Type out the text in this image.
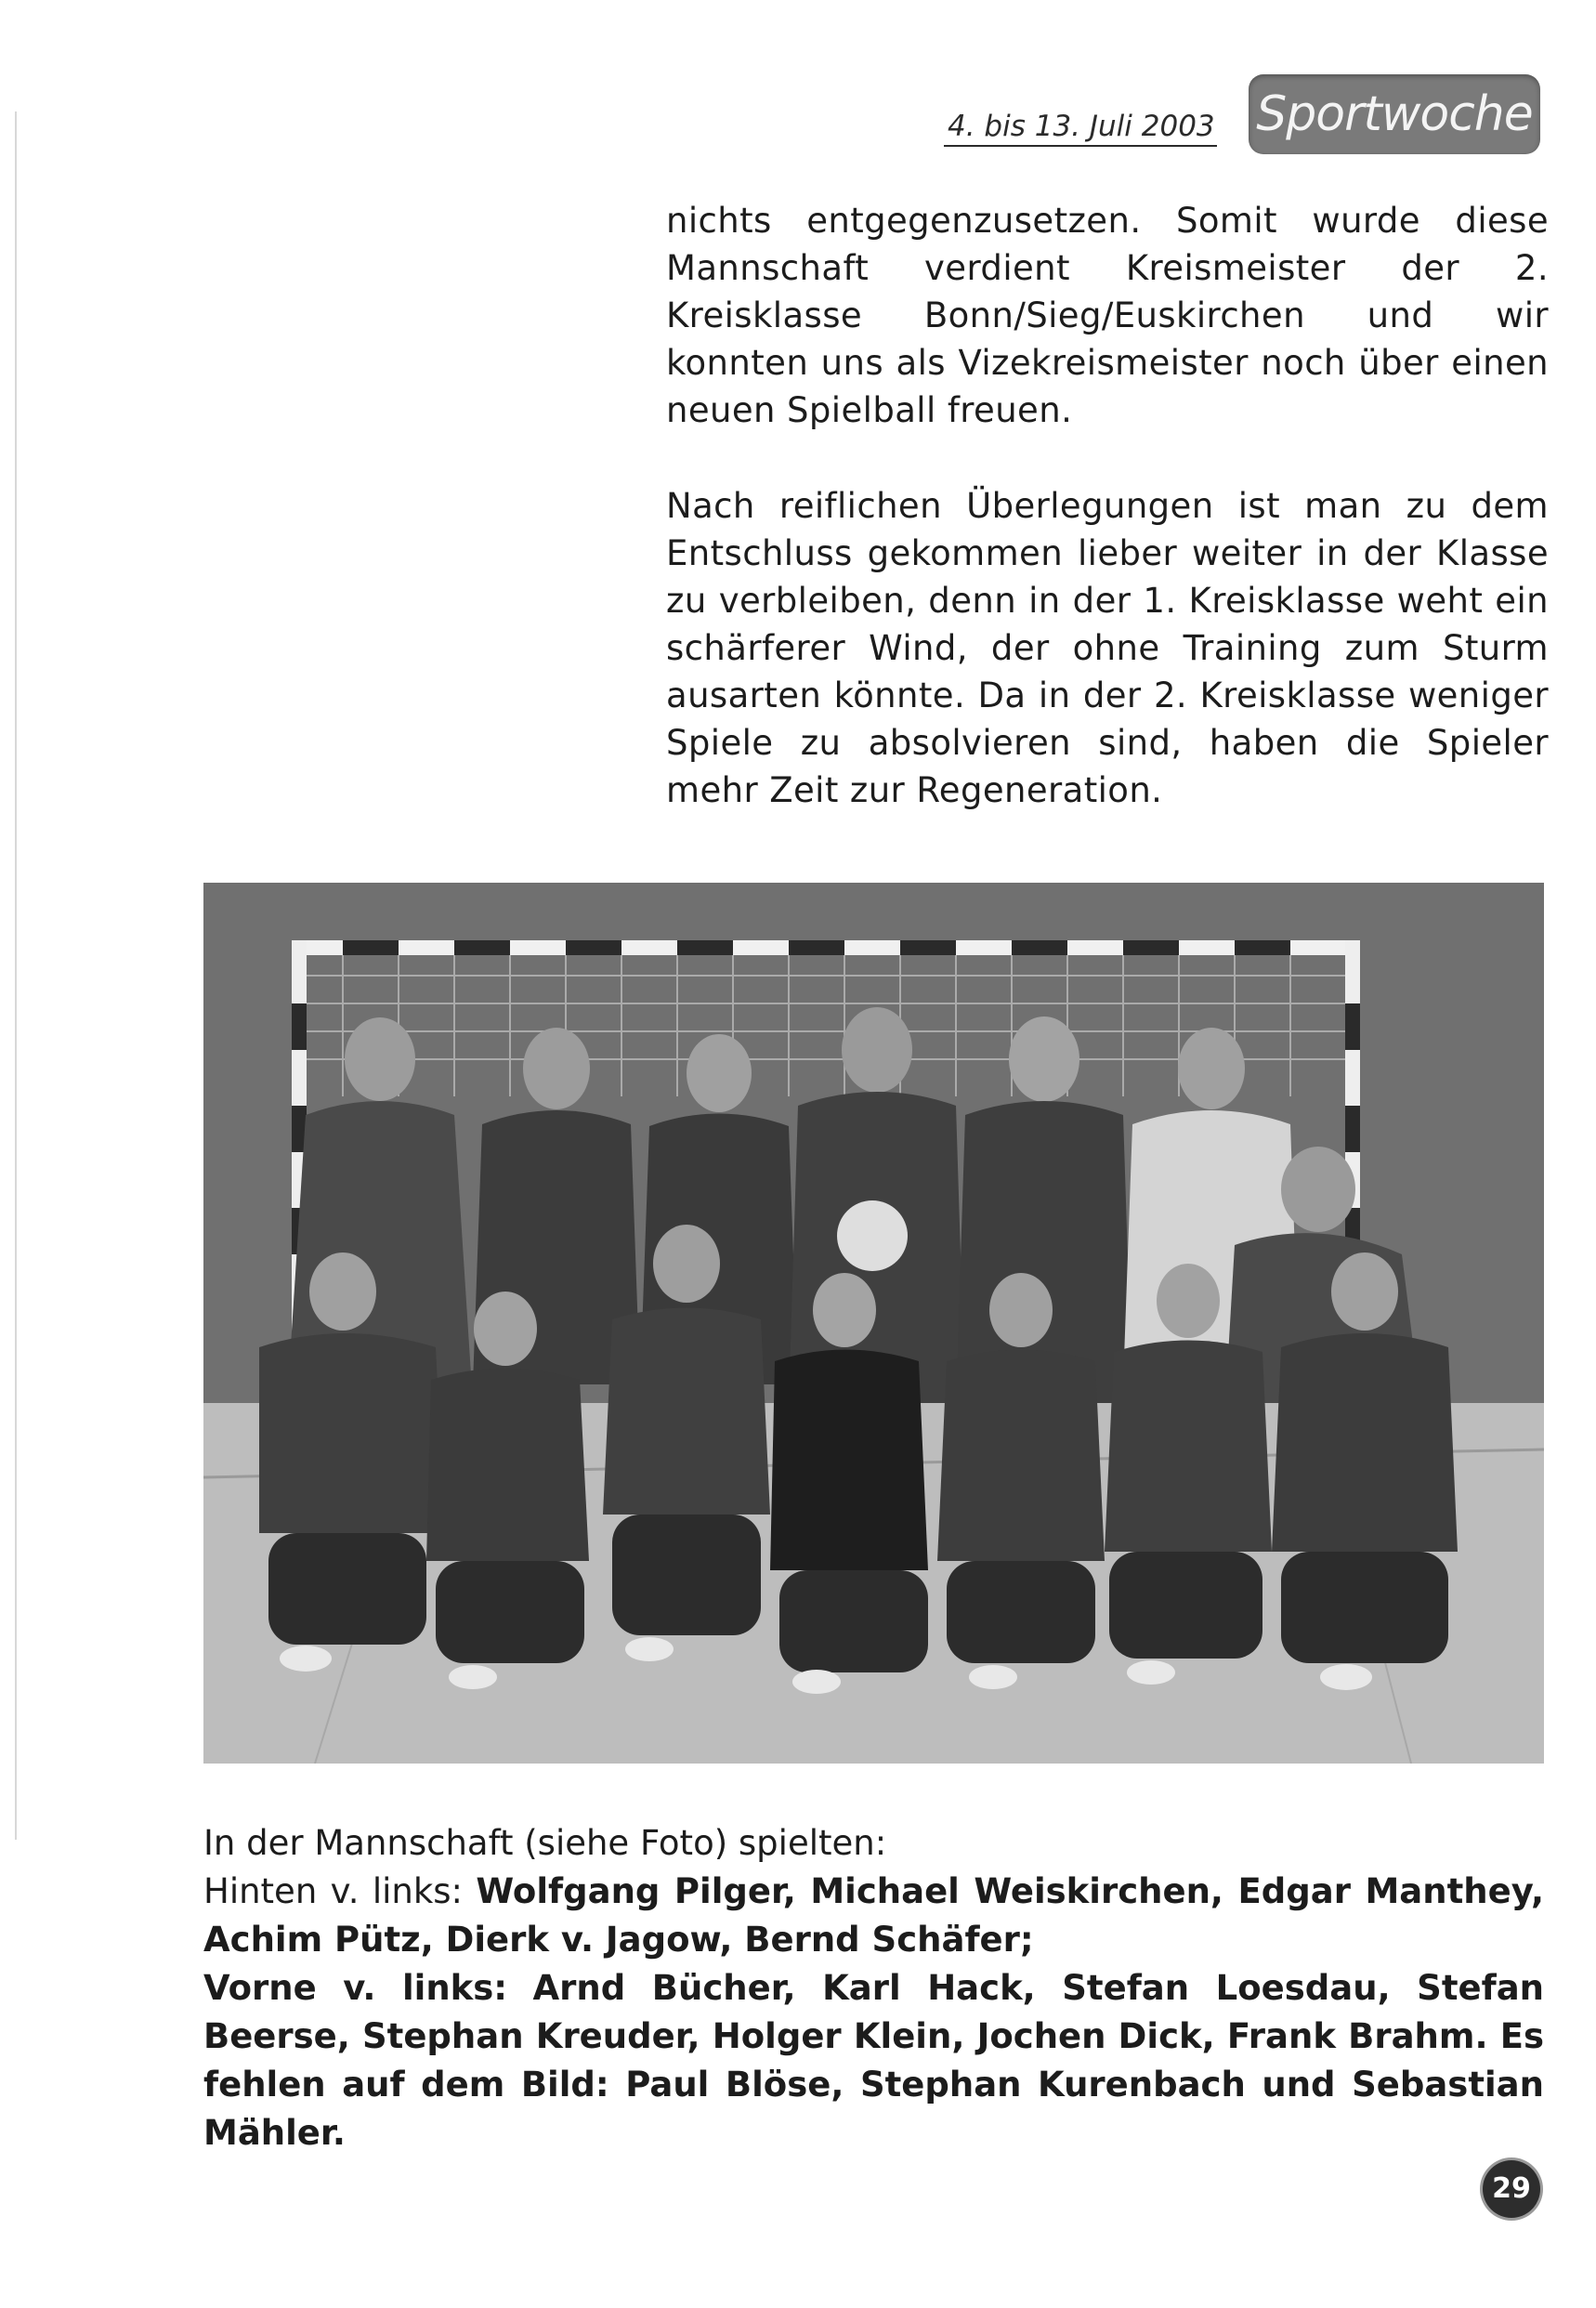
4. bis 13. Juli 2003 Sportwoche

nichts entgegenzusetzen. Somit wurde diese Mannschaft verdient Kreismeister der 2. Kreisklasse Bonn/Sieg/Euskirchen und wir konnten uns als Vizekreismeister noch über einen neuen Spielball freuen.

Nach reiflichen Überlegungen ist man zu dem Entschluss gekommen lieber weiter in der Klasse zu verbleiben, denn in der 1. Kreisklasse weht ein schärferer Wind, der ohne Training zum Sturm ausarten könnte. Da in der 2. Kreisklasse weniger Spiele zu absolvieren sind, haben die Spieler mehr Zeit zur Regeneration.

In der Mannschaft (siehe Foto) spielten:

Hinten v. links: Wolfgang Pilger, Michael Weiskirchen, Edgar Manthey, Achim Pütz, Dierk v. Jagow, Bernd Schäfer;
Vorne v. links: Arnd Bücher, Karl Hack, Stefan Loesdau, Stefan Beerse, Stephan Kreuder, Holger Klein, Jochen Dick, Frank Brahm. Es fehlen auf dem Bild: Paul Blöse, Stephan Kurenbach und Sebastian Mähler.

29
